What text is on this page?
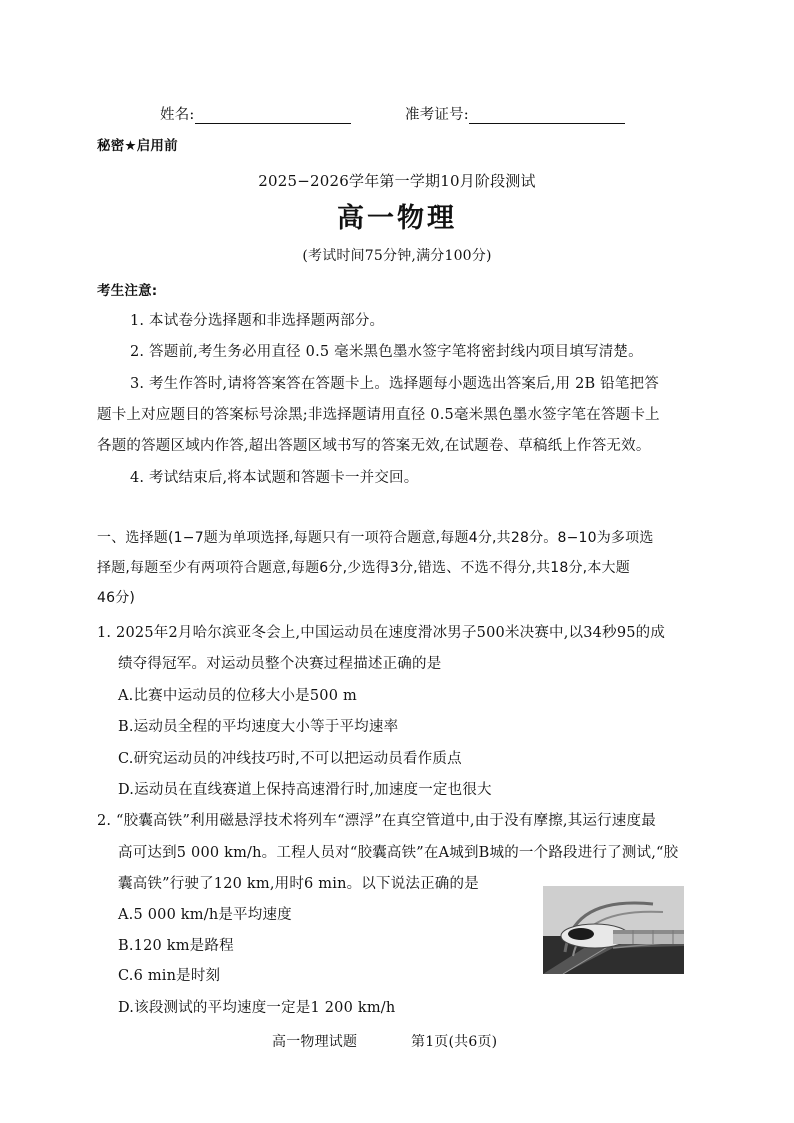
姓名:	准考证号:
秘密★启用前
2025−2026学年第一学期10月阶段测试
高一物理
(考试时间75分钟,满分100分)
考生注意:
1. 本试卷分选择题和非选择题两部分。
2. 答题前,考生务必用直径 0.5 毫米黑色墨水签字笔将密封线内项目填写清楚。
3. 考生作答时,请将答案答在答题卡上。选择题每小题选出答案后,用 2B 铅笔把答
题卡上对应题目的答案标号涂黑;非选择题请用直径 0.5毫米黑色墨水签字笔在答题卡上
各题的答题区域内作答,超出答题区域书写的答案无效,在试题卷、草稿纸上作答无效。
4. 考试结束后,将本试题和答题卡一并交回。
一、选择题(1−7题为单项选择,每题只有一项符合题意,每题4分,共28分。8−10为多项选
择题,每题至少有两项符合题意,每题6分,少选得3分,错选、不选不得分,共18分,本大题
46分)
1. 2025年2月哈尔滨亚冬会上,中国运动员在速度滑冰男子500米决赛中,以34秒95的成
绩夺得冠军。对运动员整个决赛过程描述正确的是
A.比赛中运动员的位移大小是500 m
B.运动员全程的平均速度大小等于平均速率
C.研究运动员的冲线技巧时,不可以把运动员看作质点
D.运动员在直线赛道上保持高速滑行时,加速度一定也很大
2. “胶囊高铁”利用磁悬浮技术将列车“漂浮”在真空管道中,由于没有摩擦,其运行速度最
高可达到5 000 km/h。工程人员对“胶囊高铁”在A城到B城的一个路段进行了测试,“胶
囊高铁”行驶了120 km,用时6 min。以下说法正确的是
A.5 000 km/h是平均速度
B.120 km是路程
C.6 min是时刻
D.该段测试的平均速度一定是1 200 km/h
高一物理试题	第1页(共6页)
